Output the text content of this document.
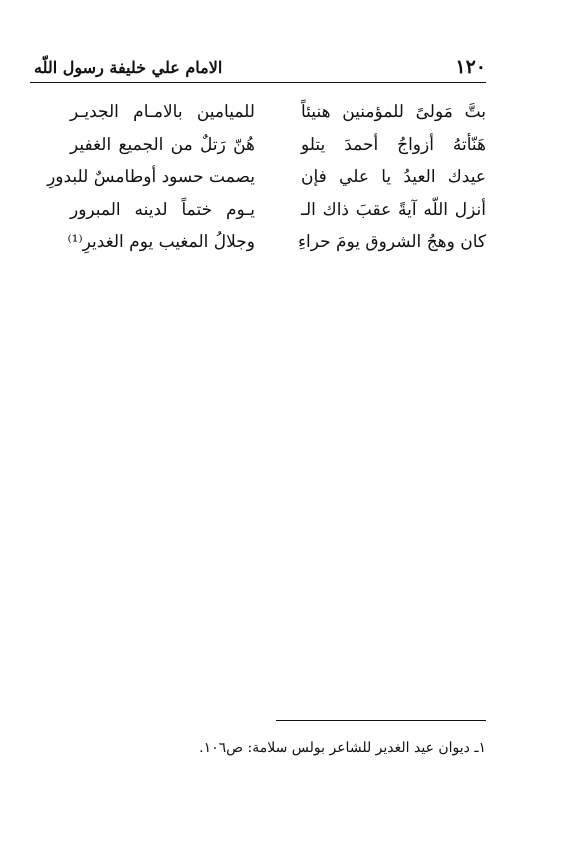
١٢٠
الامام علي خليفة رسول اللّه
بتَّ مَولىً للمؤمنين هنيئاً
للميامين بالامـام الجديـر
هَنّأتهُ أزواجُ أحمدَ يتلو
هُنّ رَتلٌ من الجميع الغفير
عيدك العيدُ يا علي فإن
يصمت حسود أوطامسٌ للبدورِ
أنزل اللّه آيةً عقبَ ذاك الـ
يـوم ختماً لدينه المبرور
كان وهجُ الشروق يومَ حراءِ
وجلالُ المغيب يوم الغديرِ⁽¹⁾
١ـ ديوان عيد الغدير للشاعر بولس سلامة: ص١٠٦.
